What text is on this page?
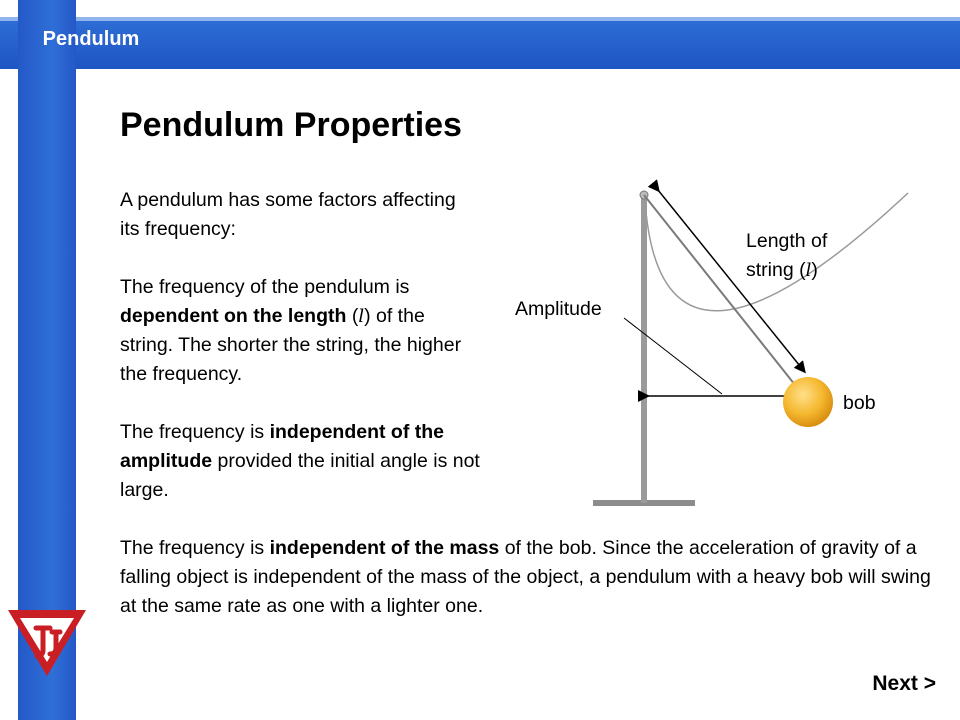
Pendulum
Pendulum Properties

A pendulum has some factors affecting its frequency:

The frequency of the pendulum is dependent on the length (l) of the string. The shorter the string, the higher the frequency.

The frequency is independent of the amplitude provided the initial angle is not large.

The frequency is independent of the mass of the bob. Since the acceleration of gravity of a falling object is independent of the mass of the object, a pendulum with a heavy bob will swing at the same rate as one with a lighter one.

Length of
string (l)

Amplitude

bob

Next >
